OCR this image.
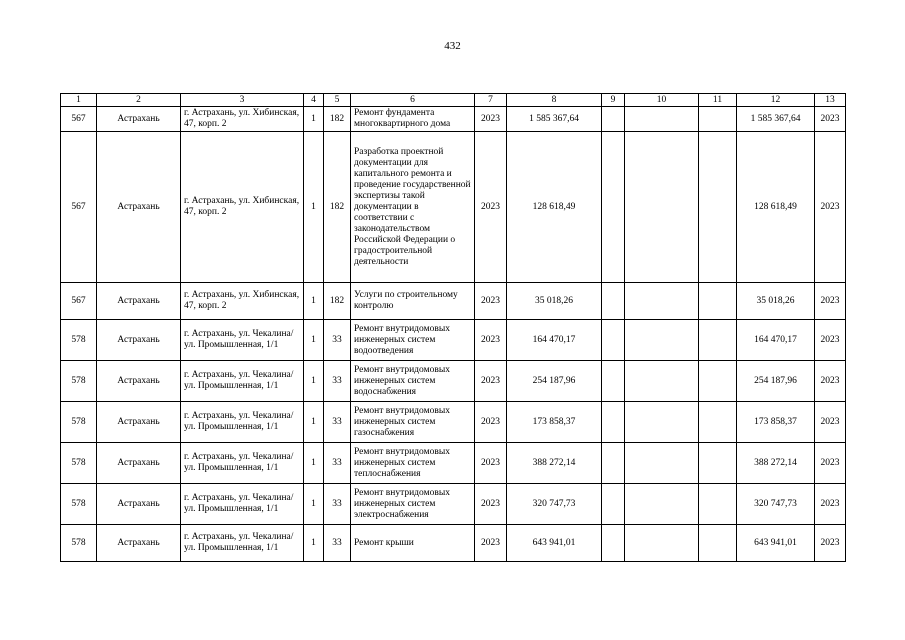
432
1	2	3	4	5	6	7	8	9	10	11	12	13
567	Астрахань	г. Астрахань, ул. Хибинская, 47, корп. 2	1	182	Ремонт фундамента многоквартирного дома	2023	1 585 367,64				1 585 367,64	2023
567	Астрахань	г. Астрахань, ул. Хибинская, 47, корп. 2	1	182	Разработка проектной документации для капитального ремонта и проведение государственной экспертизы такой документации в соответствии с законодательством Российской Федерации о градостроительной деятельности	2023	128 618,49				128 618,49	2023
567	Астрахань	г. Астрахань, ул. Хибинская, 47, корп. 2	1	182	Услуги по строительному контролю	2023	35 018,26				35 018,26	2023
578	Астрахань	г. Астрахань, ул. Чекалина/ ул. Промышленная, 1/1	1	33	Ремонт внутридомовых инженерных систем водоотведения	2023	164 470,17				164 470,17	2023
578	Астрахань	г. Астрахань, ул. Чекалина/ ул. Промышленная, 1/1	1	33	Ремонт внутридомовых инженерных систем водоснабжения	2023	254 187,96				254 187,96	2023
578	Астрахань	г. Астрахань, ул. Чекалина/ ул. Промышленная, 1/1	1	33	Ремонт внутридомовых инженерных систем газоснабжения	2023	173 858,37				173 858,37	2023
578	Астрахань	г. Астрахань, ул. Чекалина/ ул. Промышленная, 1/1	1	33	Ремонт внутридомовых инженерных систем теплоснабжения	2023	388 272,14				388 272,14	2023
578	Астрахань	г. Астрахань, ул. Чекалина/ ул. Промышленная, 1/1	1	33	Ремонт внутридомовых инженерных систем электроснабжения	2023	320 747,73				320 747,73	2023
578	Астрахань	г. Астрахань, ул. Чекалина/ ул. Промышленная, 1/1	1	33	Ремонт крыши	2023	643 941,01				643 941,01	2023
